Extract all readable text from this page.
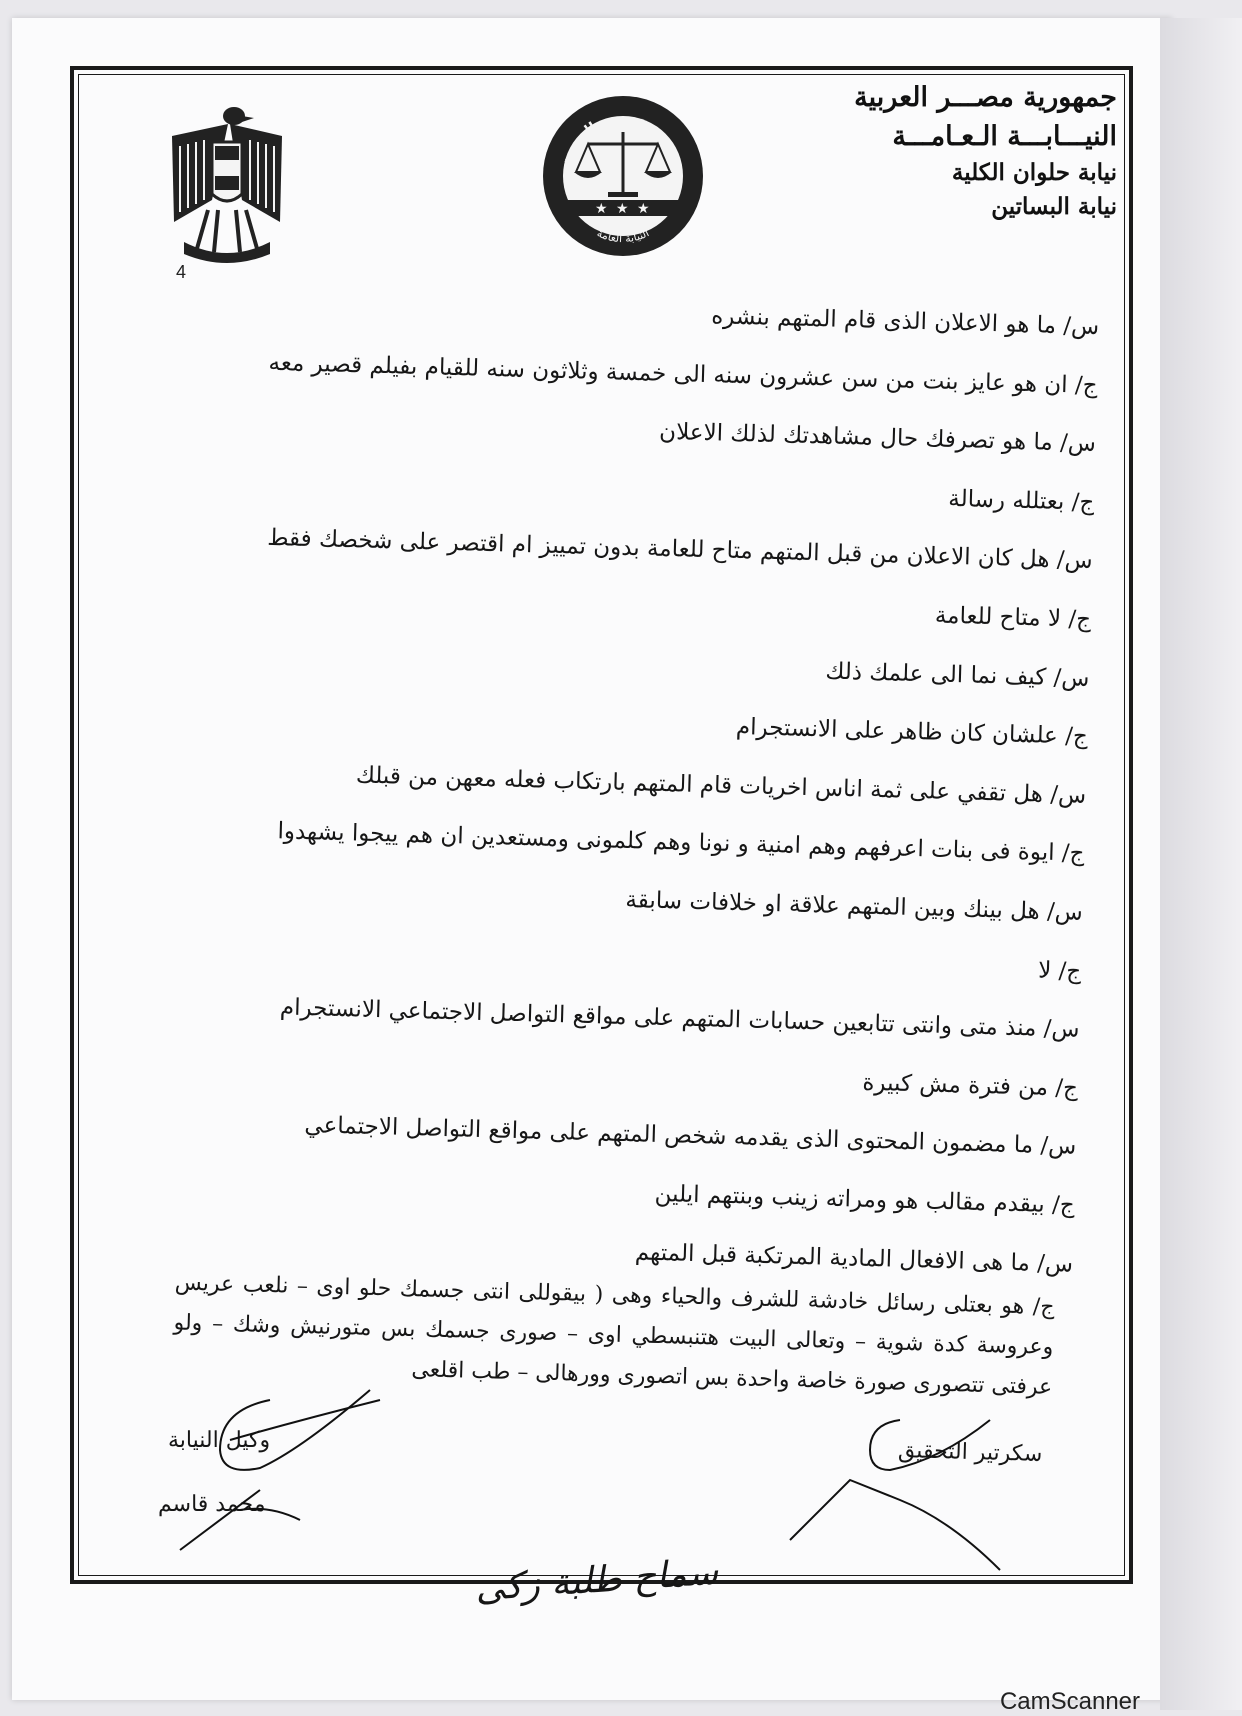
جمهورية مصـــر العربية
النيـــابـــة الـعـامـــة
نيابة حلوان الكلية
نيابة البساتين
جمهورية مصر العربية
النيابة العامة
★ ★ ★
4
س/ ما هو الاعلان الذى قام المتهم بنشره
ج/ ان هو عايز بنت من سن عشرون سنه الى خمسة وثلاثون سنه للقيام بفيلم قصير معه
س/ ما هو تصرفك حال مشاهدتك لذلك الاعلان
ج/ بعتلله رسالة
س/ هل كان الاعلان من قبل المتهم متاح للعامة بدون تمييز ام اقتصر على شخصك فقط
ج/ لا متاح للعامة
س/ كيف نما الى علمك ذلك
ج/ علشان كان ظاهر على الانستجرام
س/ هل تقفي على ثمة اناس اخريات قام المتهم بارتكاب فعله معهن من قبلك
ج/ ايوة فى بنات اعرفهم وهم امنية و نونا وهم كلمونى ومستعدين ان هم ييجوا يشهدوا
س/ هل بينك وبين المتهم علاقة او خلافات سابقة
ج/ لا
س/ منذ متى وانتى تتابعين حسابات المتهم على مواقع التواصل الاجتماعي الانستجرام
ج/ من فترة مش كبيرة
س/ ما مضمون المحتوى الذى يقدمه شخص المتهم على مواقع التواصل الاجتماعي
ج/ بيقدم مقالب هو ومراته زينب وبنتهم ايلين
س/ ما هى الافعال المادية المرتكبة قبل المتهم
ج/ هو بعتلى رسائل خادشة للشرف والحياء وهى ( بيقوللى انتى جسمك حلو اوى – نلعب عريس وعروسة كدة شوية – وتعالى البيت هتنبسطي اوى – صورى جسمك بس متورنيش وشك – ولو عرفتى تتصورى صورة خاصة واحدة بس اتصورى وورهالى – طب اقلعى
وكيل النيابة
محمد قاسم
سكرتير التحقيق
سماح طلبة زكى
CamScanner
